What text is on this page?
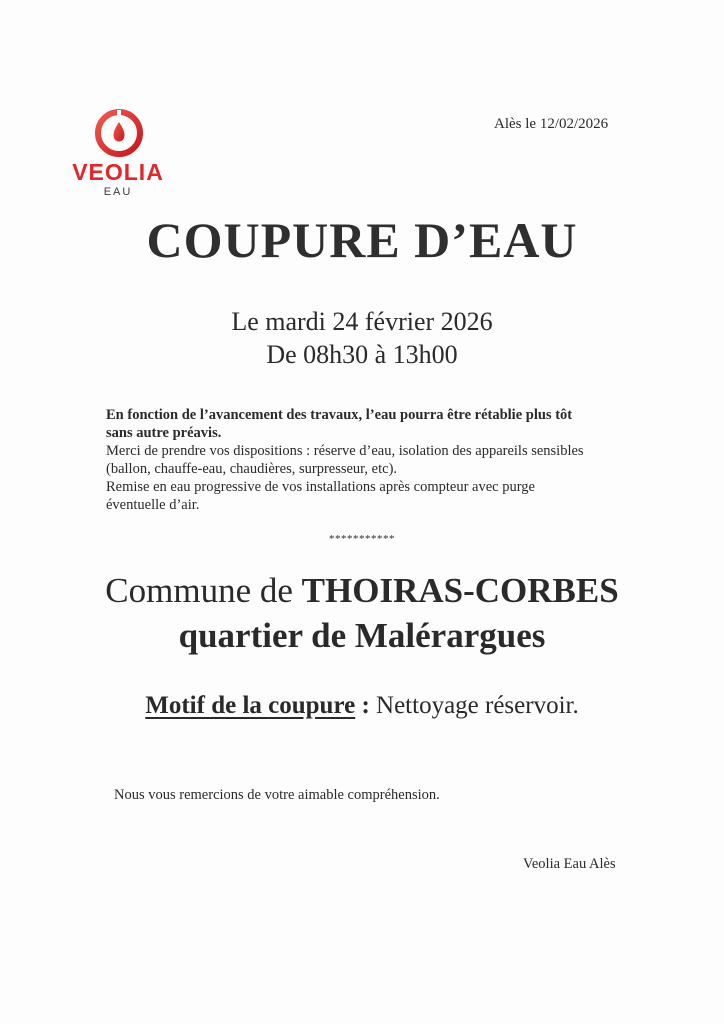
VEOLIA
EAU
Alès le 12/02/2026
COUPURE D’EAU
Le mardi 24 février 2026
De 08h30 à 13h00
En fonction de l’avancement des travaux, l’eau pourra être rétablie plus tôt
sans autre préavis.
Merci de prendre vos dispositions : réserve d’eau, isolation des appareils sensibles
(ballon, chauffe-eau, chaudières, surpresseur, etc).
Remise en eau progressive de vos installations après compteur avec purge
éventuelle d’air.
***********
Commune de THOIRAS-CORBES
quartier de Malérargues
Motif de la coupure : Nettoyage réservoir.
Nous vous remercions de votre aimable compréhension.
Veolia Eau Alès
